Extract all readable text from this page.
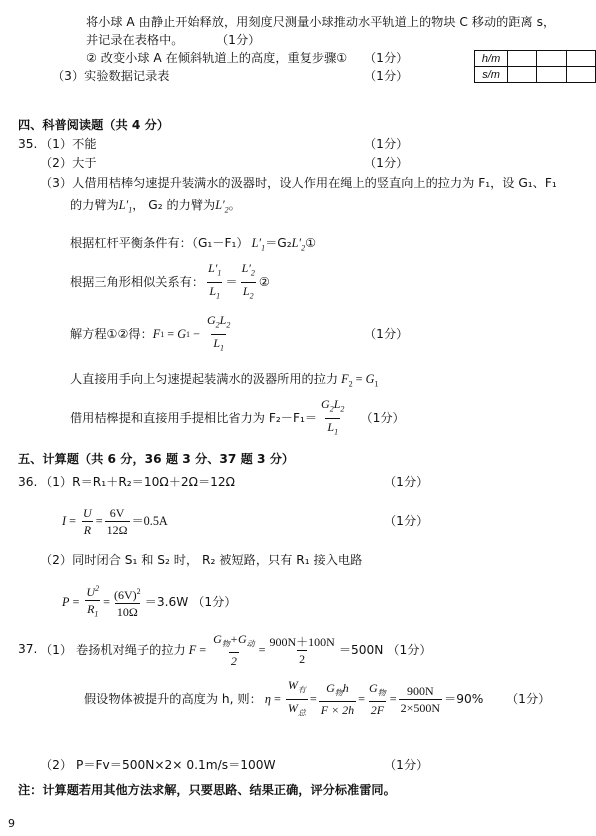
将小球 A 由静止开始释放，用刻度尺测量小球推动水平轨道上的物块 C 移动的距离 s，
并记录在表格中。	（1分）
② 改变小球 A 在倾斜轨道上的高度，重复步骤① （1分）
（3）实验数据记录表	（1分）
h/m			
s/m			
四、科普阅读题（共 4 分）
35. （1）不能	（1分）
（2）大于	（1分）
（3）人借用桔棒匀速提升装满水的汲器时，设人作用在绳上的竖直向上的拉力为 F₁，设 G₁、F₁
的力臂为$L'_1$， G₂ 的力臂为$L'_2$。
根据杠杆平衡条件有：（G₁－F₁） $L'_1=G_2L'_2①$
根据三角形相似关系有： $\frac{L'_1}{L_1} = \frac{L'_2}{L_2}$ ②
解方程①②得： F 1 = G $1 - \frac{G_2L_2}{L_1}$	（1分）
人直接用手向上匀速提起装满水的汲器所用的拉力 $F_2 = G_1$
借用桔槔提和直接用手提相比省力为 $F_2-F_1= \frac{G_2L_2}{L_1} (1$分）
五、计算题（共 6 分，36 题 3 分、37 题 3 分）
36. （1）R＝R₁＋R₂＝10Ω＋2Ω＝12Ω	（1分）
$I = \frac{U}{R} = \frac{6V}{12\Omega} =0.5A$	（1分）
（2）同时闭合 S₁ 和 S₂ 时， R₂ 被短路，只有 R₁ 接入电路
$P = \frac{U^2}{R_1} = \frac{(6V)^2}{10\Omega} =3.6W$ （1分）
37. （1） 卷扬机对绳子的拉力 $F = \frac{G_物+G_动}{2} = \frac{900N+100N}{2} =500N$ （1分）
假设物体被提升的高度为 h, 则： $\eta = \frac{W_有}{W_总} = \frac{G_物h}{F \times 2h} = \frac{G_物}{2F} = \frac{900N}{2\times 500N} =90\%$ （1分）
（2） P＝Fv＝500N×2× 0.1m/s＝100W	（1分）
注：计算题若用其他方法求解，只要思路、结果正确，评分标准雷同。
9
